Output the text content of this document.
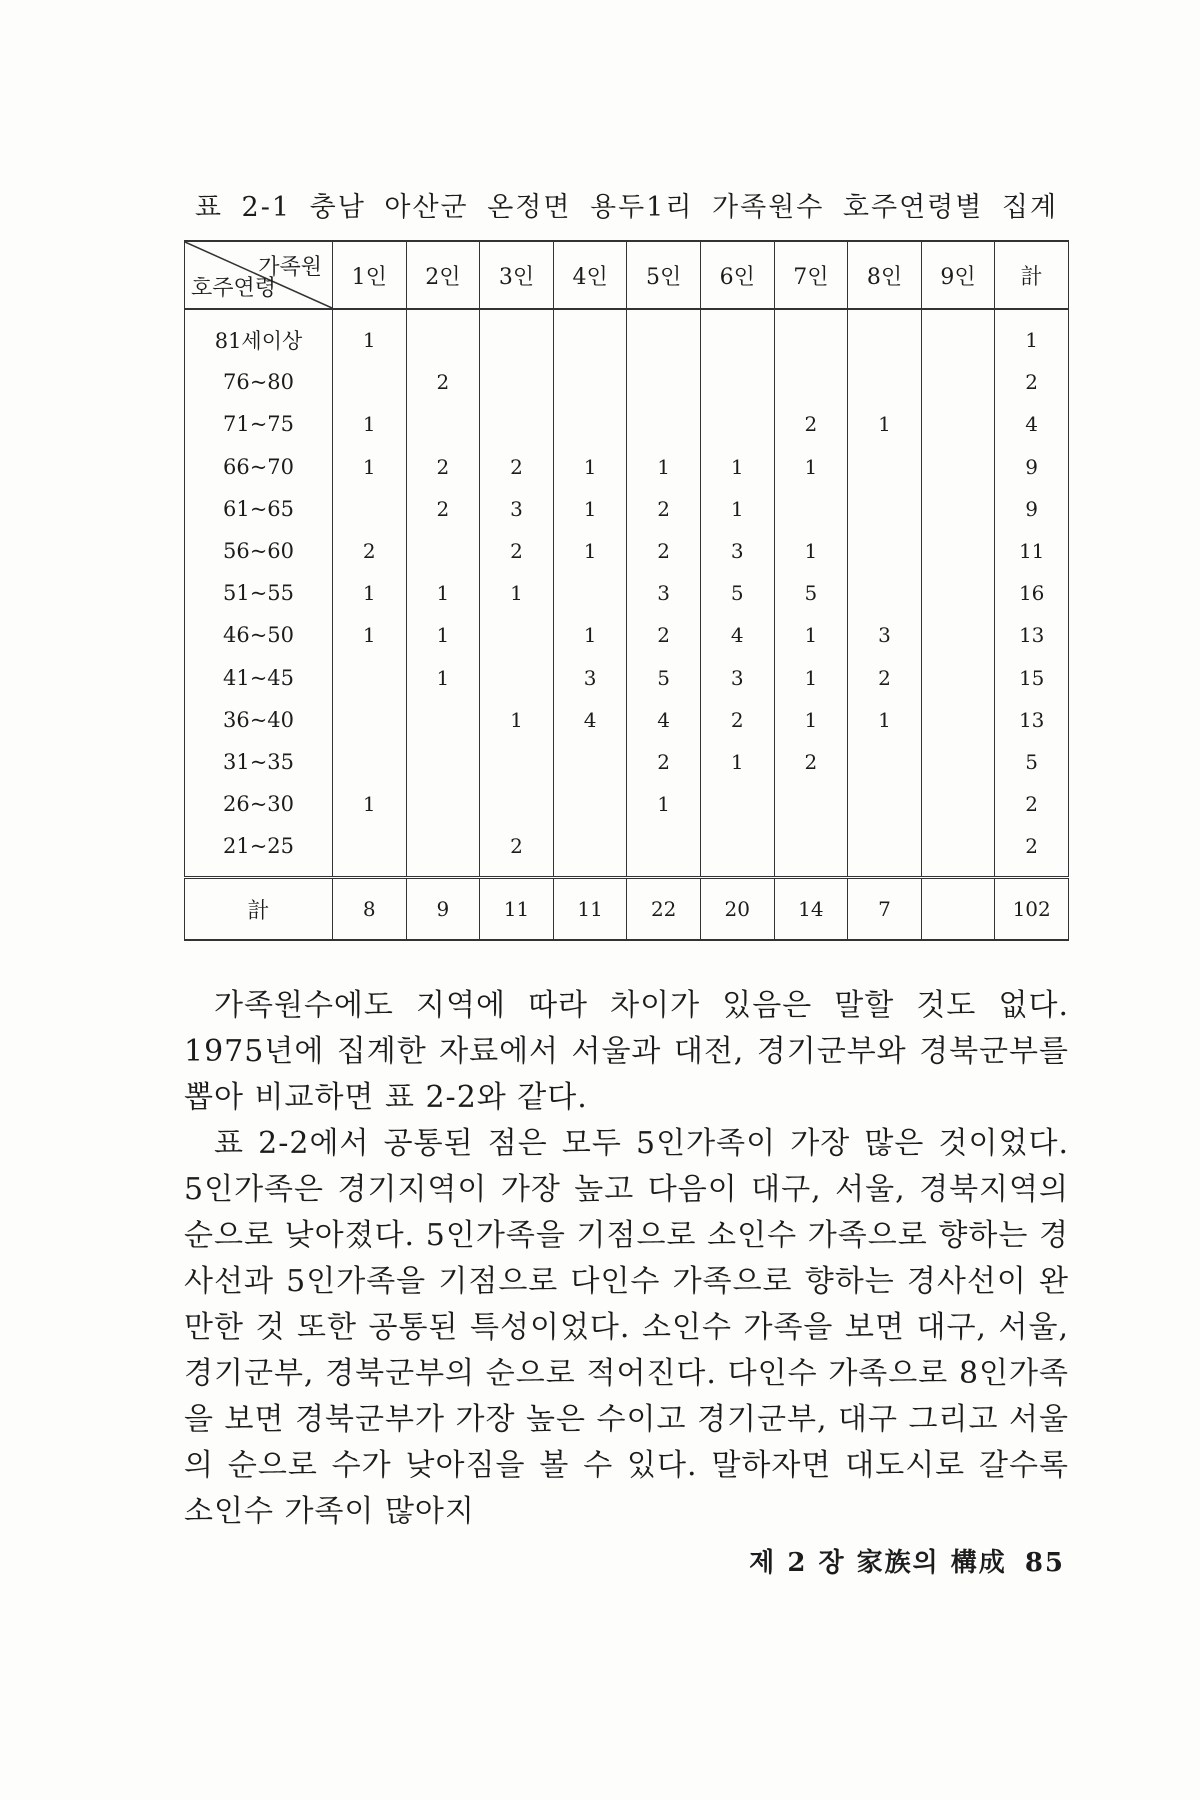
표 2-1 충남 아산군 온정면 용두1리 가족원수 호주연령별 집계
가족원
호주연령	1인	2인	3인	4인	5인	6인	7인	8인	9인	計
81세이상	1									1
76~80		2								2
71~75	1						2	1		4
66~70	1	2	2	1	1	1	1			9
61~65		2	3	1	2	1				9
56~60	2		2	1	2	3	1			11
51~55	1	1	1		3	5	5			16
46~50	1	1		1	2	4	1	3		13
41~45		1		3	5	3	1	2		15
36~40			1	4	4	2	1	1		13
31~35					2	1	2			5
26~30	1				1					2
21~25			2							2
計	8	9	11	11	22	20	14	7		102

가족원수에도 지역에 따라 차이가 있음은 말할 것도 없다. 1975년에 집계한 자료에서 서울과 대전, 경기군부와 경북군부를 뽑아 비교하면 표 2-2와 같다.

표 2-2에서 공통된 점은 모두 5인가족이 가장 많은 것이었다. 5인가족은 경기지역이 가장 높고 다음이 대구, 서울, 경북지역의 순으로 낮아졌다. 5인가족을 기점으로 소인수 가족으로 향하는 경사선과 5인가족을 기점으로 다인수 가족으로 향하는 경사선이 완만한 것 또한 공통된 특성이었다. 소인수 가족을 보면 대구, 서울, 경기군부, 경북군부의 순으로 적어진다. 다인수 가족으로 8인가족을 보면 경북군부가 가장 높은 수이고 경기군부, 대구 그리고 서울의 순으로 수가 낮아짐을 볼 수 있다. 말하자면 대도시로 갈수록 소인수 가족이 많아지

제 2 장 家族의 構成 85
